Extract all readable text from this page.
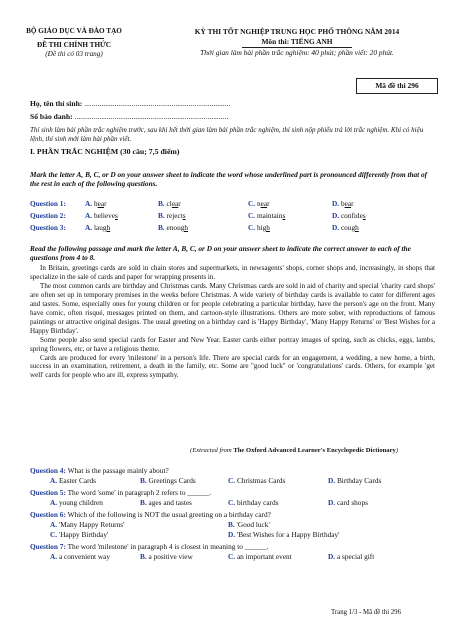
BỘ GIÁO DỤC VÀ ĐÀO TẠO
ĐỀ THI CHÍNH THỨC
(Đề thi có 03 trang)
KỲ THI TỐT NGHIỆP TRUNG HỌC PHỔ THÔNG NĂM 2014
Môn thi: TIẾNG ANH
Thời gian làm bài phần trắc nghiệm: 40 phút; phần viết: 20 phút.
Mã đề thi 296
Họ, tên thí sinh: .............................................................................
Số báo danh: .................................................................................
Thí sinh làm bài phần trắc nghiệm trước, sau khi hết thời gian làm bài phần trắc nghiệm, thí sinh nộp phiếu trả lời trắc nghiệm. Khi có hiệu lệnh, thí sinh mới làm bài phần viết.
I. PHẦN TRẮC NGHIỆM (30 câu; 7,5 điểm)
Mark the letter A, B, C, or D on your answer sheet to indicate the word whose underlined part is pronounced differently from that of the rest in each of the following questions.
Question 1:	A. hear	B. clear	C. near	D. bear
Question 2:	A. believes	B. rejects	C. maintains	D. confides
Question 3:	A. laugh	B. enough	C. high	D. cough
Read the following passage and mark the letter A, B, C, or D on your answer sheet to indicate the correct answer to each of the questions from 4 to 8.

In Britain, greetings cards are sold in chain stores and supermarkets, in newsagents' shops, corner shops and, increasingly, in shops that specialize in the sale of cards and paper for wrapping presents in.

The most common cards are birthday and Christmas cards. Many Christmas cards are sold in aid of charity and special 'charity card shops' are often set up in temporary premises in the weeks before Christmas. A wide variety of birthday cards is available to cater for different ages and tastes. Some, especially ones for young children or for people celebrating a particular birthday, have the person's age on the front. Many have comic, often risqué, messages printed on them, and cartoon-style illustrations. Others are more sober, with reproductions of famous paintings or attractive original designs. The usual greeting on a birthday card is 'Happy Birthday', 'Many Happy Returns' or 'Best Wishes for a Happy Birthday'.

Some people also send special cards for Easter and New Year. Easter cards either portray images of spring, such as chicks, eggs, lambs, spring flowers, etc, or have a religious theme.

Cards are produced for every 'milestone' in a person's life. There are special cards for an engagement, a wedding, a new home, a birth, success in an examination, retirement, a death in the family, etc. Some are "good luck" or 'congratulations' cards. Others, for example 'get well' cards for people who are ill, express sympathy.

(Extracted from The Oxford Advanced Learner's Encyclopedic Dictionary)
Question 4: What is the passage mainly about?
A. Easter Cards	B. Greetings Cards	C. Christmas Cards	D. Birthday Cards
Question 5: The word 'some' in paragraph 2 refers to ______.
A. young children	B. ages and tastes	C. birthday cards	D. card shops
Question 6: Which of the following is NOT the usual greeting on a birthday card?
A. 'Many Happy Returns'	B. 'Good luck'
C. 'Happy Birthday'	D. 'Best Wishes for a Happy Birthday'
Question 7: The word 'milestone' in paragraph 4 is closest in meaning to ______.
A. a convenient way	B. a positive view	C. an important event	D. a special gift
Trang 1/3 - Mã đề thi 296
